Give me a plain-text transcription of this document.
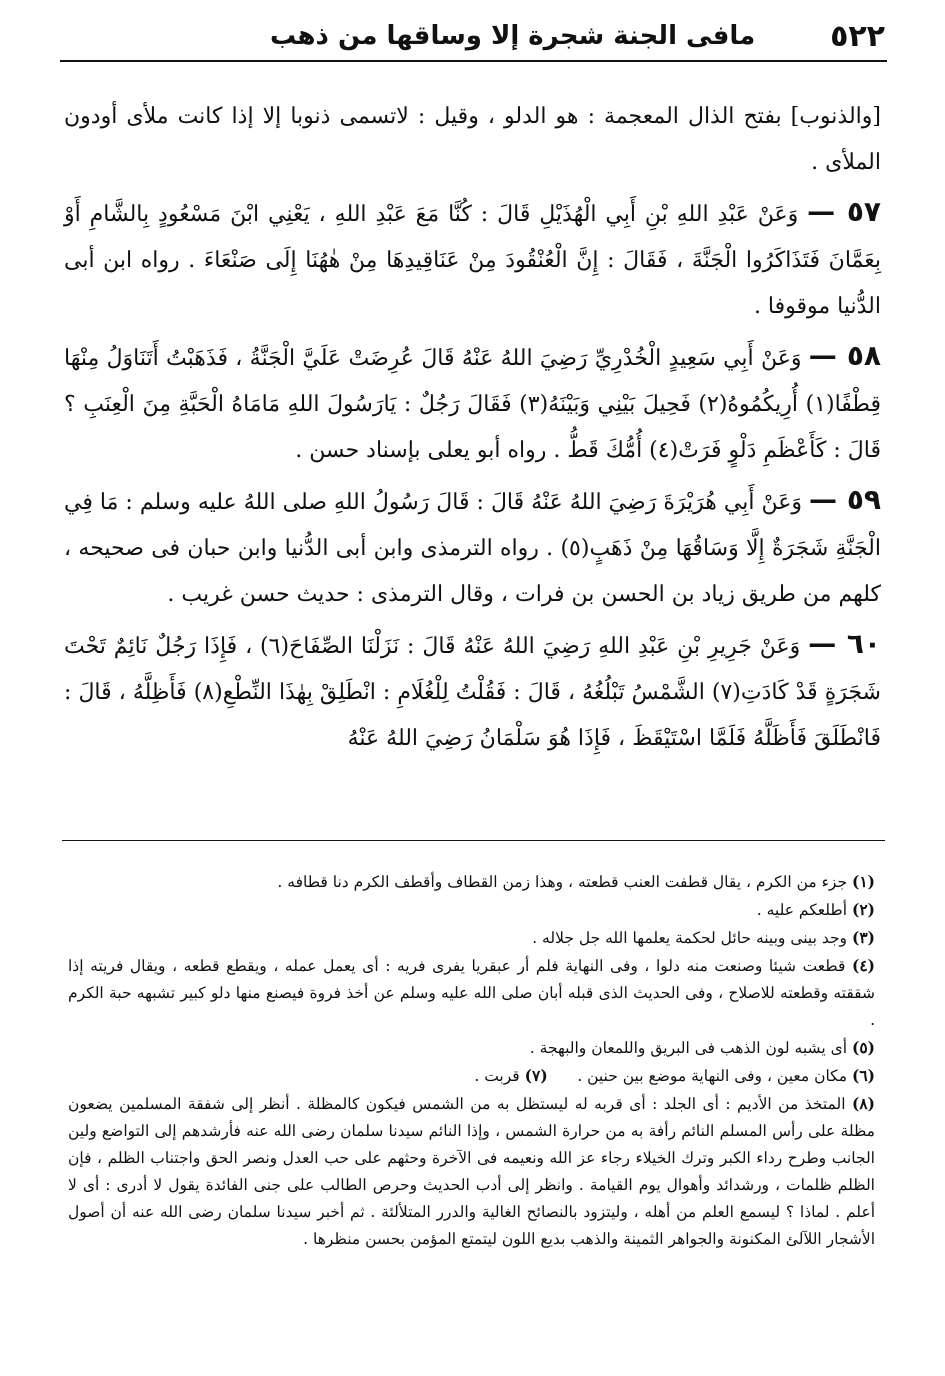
٥٢٢
مافى الجنة شجرة إلا وساقها من ذهب

[والذنوب] بفتح الذال المعجمة : هو الدلو ، وقيل : لاتسمى ذنوبا إلا إذا كانت ملأى أودون الملأى .

٥٧ — وَعَنْ عَبْدِ اللهِ بْنِ أَبِي الْهُذَيْلِ قَالَ : كُنَّا مَعَ عَبْدِ اللهِ ، يَعْنِي ابْنَ مَسْعُودٍ بِالشَّامِ أَوْ بِعَمَّانَ فَتَذَاكَرُوا الْجَنَّةَ ، فَقَالَ : إِنَّ الْعُنْقُودَ مِنْ عَنَاقِيدِهَا مِنْ هٰهُنَا إِلَى صَنْعَاءَ . رواه ابن أبى الدُّنيا موقوفا .

٥٨ — وَعَنْ أَبِي سَعِيدٍ الْخُدْرِيِّ رَضِيَ اللهُ عَنْهُ قَالَ عُرِضَتْ عَلَيَّ الْجَنَّةُ ، فَذَهَبْتُ أَتَنَاوَلُ مِنْهَا قِطْفًا(١) أُرِيكُمُوهُ(٢) فَحِيلَ بَيْنِي وَبَيْنَهُ(٣) فَقَالَ رَجُلٌ : يَارَسُولَ اللهِ مَامَاهُ الْحَبَّةِ مِنَ الْعِنَبِ ؟ قَالَ : كَأَعْظَمِ دَلْوٍ فَرَتْ(٤) أُمُّكَ قَطُّ . رواه أبو يعلى بإسناد حسن .

٥٩ — وَعَنْ أَبِي هُرَيْرَةَ رَضِيَ اللهُ عَنْهُ قَالَ : قَالَ رَسُولُ اللهِ صلى اللهُ عليه وسلم : مَا فِي الْجَنَّةِ شَجَرَةٌ إِلَّا وَسَاقُهَا مِنْ ذَهَبٍ(٥) . رواه الترمذى وابن أبى الدُّنيا وابن حبان فى صحيحه ، كلهم من طريق زياد بن الحسن بن فرات ، وقال الترمذى : حديث حسن غريب .

٦٠ — وَعَنْ جَرِيرِ بْنِ عَبْدِ اللهِ رَضِيَ اللهُ عَنْهُ قَالَ : نَزَلْنَا الصِّفَاحَ(٦) ، فَإِذَا رَجُلٌ نَائِمٌ تَحْتَ شَجَرَةٍ قَدْ كَادَتِ(٧) الشَّمْسُ تَبْلُغُهُ ، قَالَ : فَقُلْتُ لِلْغُلَامِ : انْطَلِقْ بِهٰذَا النِّطْعِ(٨) فَأَظِلَّهُ ، قَالَ : فَانْطَلَقَ فَأَظَلَّهُ فَلَمَّا اسْتَيْقَظَ ، فَإِذَا هُوَ سَلْمَانُ رَضِيَ اللهُ عَنْهُ

(١) جزء من الكرم ، يقال قطفت العنب قطعته ، وهذا زمن القطاف وأقطف الكرم دنا قطافه .

(٢) أطلعكم عليه .

(٣) وجد بينى وبينه حائل لحكمة يعلمها الله جل جلاله .

(٤) قطعت شيئا وصنعت منه دلوا ، وفى النهاية فلم أر عبقريا يفرى فريه : أى يعمل عمله ، ويقطع قطعه ، ويقال فريته إذا شققته وقطعته للاصلاح ، وفى الحديث الذى قبله أبان صلى الله عليه وسلم عن أخذ فروة فيصنع منها دلو كبير تشبهه حبة الكرم .

(٥) أى يشبه لون الذهب فى البريق واللمعان والبهجة .

(٦) مكان معين ، وفى النهاية موضع بين حنين .      (٧) قربت .

(٨) المتخذ من الأديم : أى الجلد : أى قربه له ليستظل به من الشمس فيكون كالمظلة . أنظر إلى شفقة المسلمين يضعون مظلة على رأس المسلم النائم رأفة به من حرارة الشمس ، وإذا النائم سيدنا سلمان رضى الله عنه فأرشدهم إلى التواضع ولين الجانب وطرح رداء الكبر وترك الخيلاء رجاء عز الله ونعيمه فى الآخرة وحثهم على حب العدل ونصر الحق واجتناب الظلم ، فإن الظلم ظلمات ، ورشدائد وأهوال يوم القيامة . وانظر إلى أدب الحديث وحرص الطالب على جنى الفائدة يقول لا أدرى : أى لا أعلم . لماذا ؟ ليسمع العلم من أهله ، وليتزود بالنصائح الغالية والدرر المتلألئة . ثم أخبر سيدنا سلمان رضى الله عنه أن أصول الأشجار اللآلئ المكنونة والجواهر الثمينة والذهب بديع اللون ليتمتع المؤمن بحسن منظرها .
